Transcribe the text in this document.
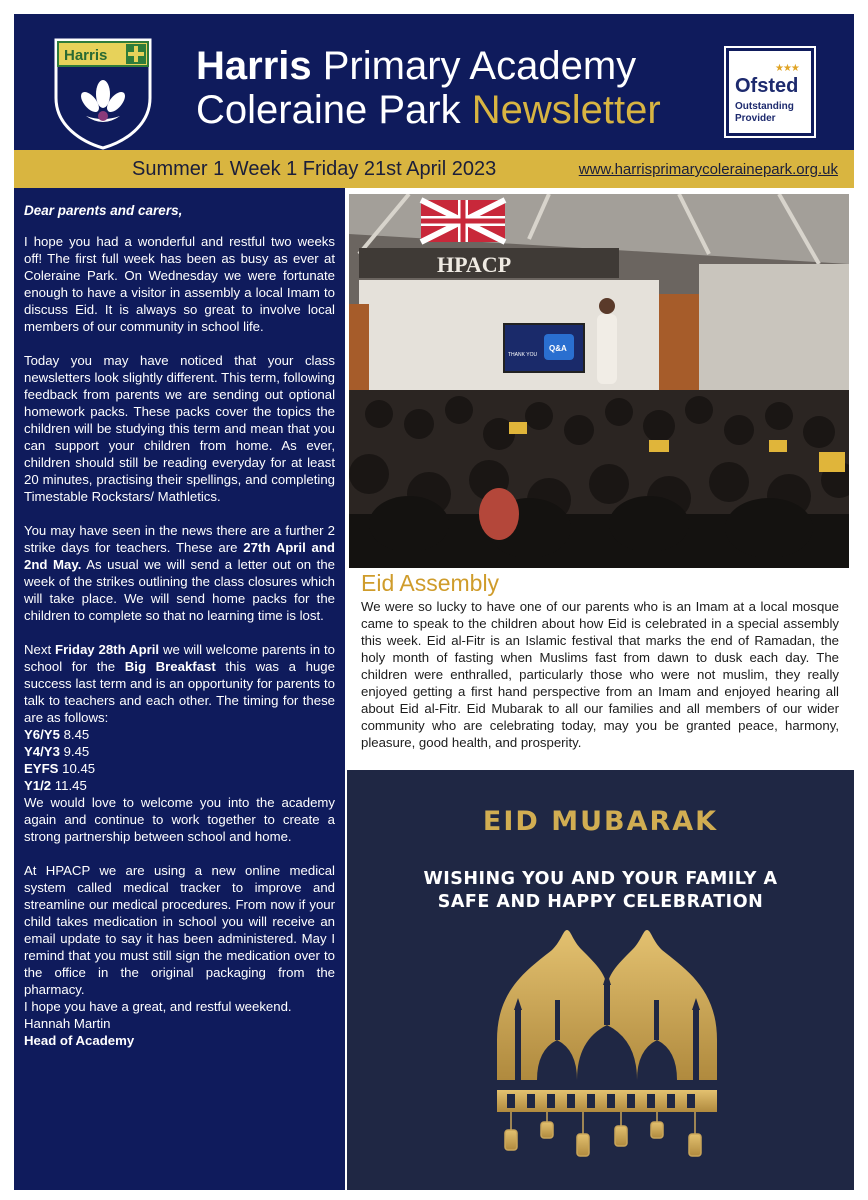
Harris Harris Primary Academy
Coleraine Park Newsletter
★★★
Ofsted
Outstanding Provider
Summer 1 Week 1 Friday 21st April 2023	www.harrisprimarycolerainepark.org.uk

Dear parents and carers,

I hope you had a wonderful and restful two weeks off! The first full week has been as busy as ever at Coleraine Park. On Wednesday we were fortunate enough to have a visitor in assembly a local Imam to discuss Eid. It is always so great to involve local members of our community in school life.

Today you may have noticed that your class newsletters look slightly different. This term, following feedback from parents we are sending out optional homework packs. These packs cover the topics the children will be studying this term and mean that you can support your children from home. As ever, children should still be reading everyday for at least 20 minutes, practising their spellings, and completing Timestable Rockstars/ Mathletics.

You may have seen in the news there are a further 2 strike days for teachers. These are 27th April and 2nd May. As usual we will send a letter out on the week of the strikes outlining the class closures which will take place. We will send home packs for the children to complete so that no learning time is lost.

Next Friday 28th April we will welcome parents in to school for the Big Breakfast this was a huge success last term and is an opportunity for parents to talk to teachers and each other. The timing for these are as follows:

Y6/Y5 8.45
Y4/Y3 9.45
EYFS 10.45
Y1/2 11.45

We would love to welcome you into the academy again and continue to work together to create a strong partnership between school and home.

At HPACP we are using a new online medical system called medical tracker to improve and streamline our medical procedures. From now if your child takes medication in school you will receive an email update to say it has been administered. May I remind that you must still sign the medication over to the office in the original packaging from the pharmacy.

I hope you have a great, and restful weekend.
Hannah Martin
Head of Academy
HPACP
Q&A
THANK YOU
Eid Assembly
We were so lucky to have one of our parents who is an Imam at a local mosque came to speak to the children about how Eid is celebrated in a special assembly this week. Eid al-Fitr is an Islamic festival that marks the end of Ramadan, the holy month of fasting when Muslims fast from dawn to dusk each day. The children were enthralled, particularly those who were not muslim, they really enjoyed getting a first hand perspective from an Imam and enjoyed hearing all about Eid al-Fitr. Eid Mubarak to all our families and all members of our wider community who are celebrating today, may you be granted peace, harmony, pleasure, good health, and prosperity.
EID MUBARAK
WISHING YOU AND YOUR FAMILY A SAFE AND HAPPY CELEBRATION
